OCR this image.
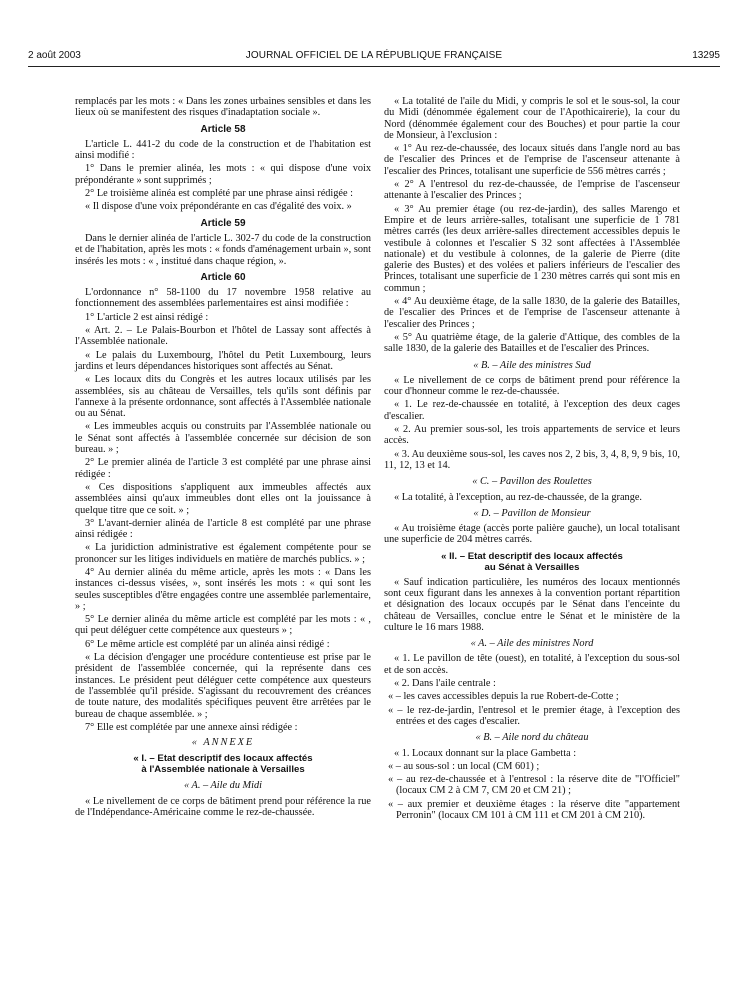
2 août 2003	JOURNAL OFFICIEL DE LA RÉPUBLIQUE FRANÇAISE	13295

remplacés par les mots : « Dans les zones urbaines sensibles et dans les lieux où se manifestent des risques d'inadaptation sociale ».

Article 58

L'article L. 441-2 du code de la construction et de l'habitation est ainsi modifié :

1° Dans le premier alinéa, les mots : « qui dispose d'une voix prépondérante » sont supprimés ;

2° Le troisième alinéa est complété par une phrase ainsi rédigée :

« Il dispose d'une voix prépondérante en cas d'égalité des voix. »

Article 59

Dans le dernier alinéa de l'article L. 302-7 du code de la construction et de l'habitation, après les mots : « fonds d'aménagement urbain », sont insérés les mots : « , institué dans chaque région, ».

Article 60

L'ordonnance n° 58-1100 du 17 novembre 1958 relative au fonctionnement des assemblées parlementaires est ainsi modifiée :

1° L'article 2 est ainsi rédigé :

« Art. 2. – Le Palais-Bourbon et l'hôtel de Lassay sont affectés à l'Assemblée nationale.

« Le palais du Luxembourg, l'hôtel du Petit Luxembourg, leurs jardins et leurs dépendances historiques sont affectés au Sénat.

« Les locaux dits du Congrès et les autres locaux utilisés par les assemblées, sis au château de Versailles, tels qu'ils sont définis par l'annexe à la présente ordonnance, sont affectés à l'Assemblée nationale ou au Sénat.

« Les immeubles acquis ou construits par l'Assemblée nationale ou le Sénat sont affectés à l'assemblée concernée sur décision de son bureau. » ;

2° Le premier alinéa de l'article 3 est complété par une phrase ainsi rédigée :

« Ces dispositions s'appliquent aux immeubles affectés aux assemblées ainsi qu'aux immeubles dont elles ont la jouissance à quelque titre que ce soit. » ;

3° L'avant-dernier alinéa de l'article 8 est complété par une phrase ainsi rédigée :

« La juridiction administrative est également compétente pour se prononcer sur les litiges individuels en matière de marchés publics. » ;

4° Au dernier alinéa du même article, après les mots : « Dans les instances ci-dessus visées, », sont insérés les mots : « qui sont les seules susceptibles d'être engagées contre une assemblée parlementaire, » ;

5° Le dernier alinéa du même article est complété par les mots : « , qui peut déléguer cette compétence aux questeurs » ;

6° Le même article est complété par un alinéa ainsi rédigé :

« La décision d'engager une procédure contentieuse est prise par le président de l'assemblée concernée, qui la représente dans ces instances. Le président peut déléguer cette compétence aux questeurs de l'assemblée qu'il préside. S'agissant du recouvrement des créances de toute nature, des modalités spécifiques peuvent être arrêtées par le bureau de chaque assemblée. » ;

7° Elle est complétée par une annexe ainsi rédigée :

« ANNEXE
« I. – Etat descriptif des locaux affectés
à l'Assemblée nationale à Versailles
« A. – Aile du Midi

« Le nivellement de ce corps de bâtiment prend pour référence la rue de l'Indépendance-Américaine comme le rez-de-chaussée.

« La totalité de l'aile du Midi, y compris le sol et le sous-sol, la cour du Midi (dénommée également cour de l'Apothicairerie), la cour du Nord (dénommée également cour des Bouches) et pour partie la cour de Monsieur, à l'exclusion :

« 1° Au rez-de-chaussée, des locaux situés dans l'angle nord au bas de l'escalier des Princes et de l'emprise de l'ascenseur attenante à l'escalier des Princes, totalisant une superficie de 556 mètres carrés ;

« 2° A l'entresol du rez-de-chaussée, de l'emprise de l'ascenseur attenante à l'escalier des Princes ;

« 3° Au premier étage (ou rez-de-jardin), des salles Marengo et Empire et de leurs arrière-salles, totalisant une superficie de 1 781 mètres carrés (les deux arrière-salles directement accessibles depuis le vestibule à colonnes et l'escalier S 32 sont affectées à l'Assemblée nationale) et du vestibule à colonnes, de la galerie de Pierre (dite galerie des Bustes) et des volées et paliers inférieurs de l'escalier des Princes, totalisant une superficie de 1 230 mètres carrés qui sont mis en commun ;

« 4° Au deuxième étage, de la salle 1830, de la galerie des Batailles, de l'escalier des Princes et de l'emprise de l'ascenseur attenante à l'escalier des Princes ;

« 5° Au quatrième étage, de la galerie d'Attique, des combles de la salle 1830, de la galerie des Batailles et de l'escalier des Princes.

« B. – Aile des ministres Sud

« Le nivellement de ce corps de bâtiment prend pour référence la cour d'honneur comme le rez-de-chaussée.

« 1. Le rez-de-chaussée en totalité, à l'exception des deux cages d'escalier.

« 2. Au premier sous-sol, les trois appartements de service et leurs accès.

« 3. Au deuxième sous-sol, les caves nos 2, 2 bis, 3, 4, 8, 9, 9 bis, 10, 11, 12, 13 et 14.

« C. – Pavillon des Roulettes

« La totalité, à l'exception, au rez-de-chaussée, de la grange.

« D. – Pavillon de Monsieur

« Au troisième étage (accès porte palière gauche), un local totalisant une superficie de 204 mètres carrés.

« II. – Etat descriptif des locaux affectés
au Sénat à Versailles

« Sauf indication particulière, les numéros des locaux mentionnés sont ceux figurant dans les annexes à la convention portant répartition et désignation des locaux occupés par le Sénat dans l'enceinte du château de Versailles, conclue entre le Sénat et le ministère de la culture le 16 mars 1988.

« A. – Aile des ministres Nord

« 1. Le pavillon de tête (ouest), en totalité, à l'exception du sous-sol et de son accès.

« 2. Dans l'aile centrale :

« – les caves accessibles depuis la rue Robert-de-Cotte ;

« – le rez-de-jardin, l'entresol et le premier étage, à l'exception des entrées et des cages d'escalier.

« B. – Aile nord du château

« 1. Locaux donnant sur la place Gambetta :

« – au sous-sol : un local (CM 601) ;

« – au rez-de-chaussée et à l'entresol : la réserve dite de "l'Officiel" (locaux CM 2 à CM 7, CM 20 et CM 21) ;

« – aux premier et deuxième étages : la réserve dite "appartement Perronin" (locaux CM 101 à CM 111 et CM 201 à CM 210).
